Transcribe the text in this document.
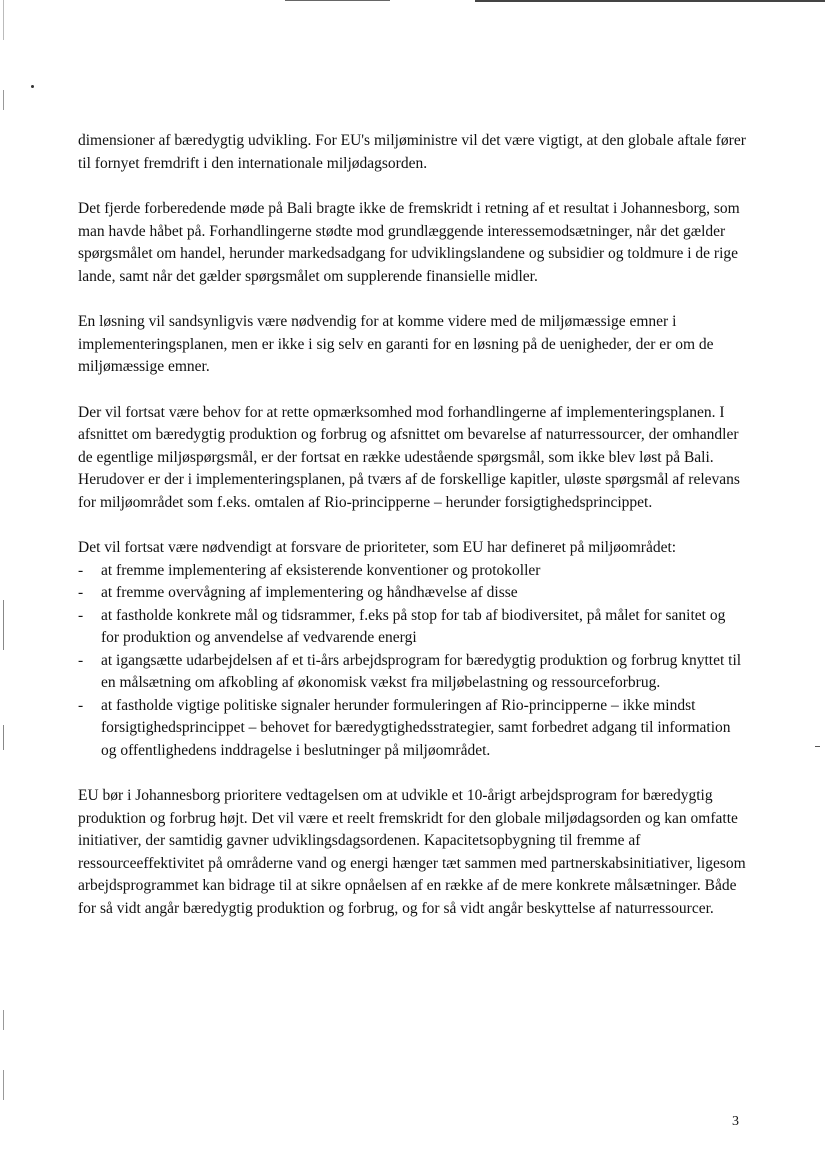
dimensioner af bæredygtig udvikling. For EU's miljøministre vil det være vigtigt, at den globale aftale fører til fornyet fremdrift i den internationale miljødagsorden.

Det fjerde forberedende møde på Bali bragte ikke de fremskridt i retning af et resultat i Johannesborg, som man havde håbet på. Forhandlingerne stødte mod grundlæggende interessemodsætninger, når det gælder spørgsmålet om handel, herunder markedsadgang for udviklingslandene og subsidier og toldmure i de rige lande, samt når det gælder spørgsmålet om supplerende finansielle midler.

En løsning vil sandsynligvis være nødvendig for at komme videre med de miljømæssige emner i implementeringsplanen, men er ikke i sig selv en garanti for en løsning på de uenigheder, der er om de miljømæssige emner.

Der vil fortsat være behov for at rette opmærksomhed mod forhandlingerne af implementeringsplanen. I afsnittet om bæredygtig produktion og forbrug og afsnittet om bevarelse af naturressourcer, der omhandler de egentlige miljøspørgsmål, er der fortsat en række udestående spørgsmål, som ikke blev løst på Bali. Herudover er der i implementeringsplanen, på tværs af de forskellige kapitler, uløste spørgsmål af relevans for miljøområdet som f.eks. omtalen af Rio-principperne – herunder forsigtighedsprincippet.

Det vil fortsat være nødvendigt at forsvare de prioriteter, som EU har defineret på miljøområdet:

- at fremme implementering af eksisterende konventioner og protokoller
- at fremme overvågning af implementering og håndhævelse af disse
- at fastholde konkrete mål og tidsrammer, f.eks på stop for tab af biodiversitet, på målet for sanitet og for produktion og anvendelse af vedvarende energi
- at igangsætte udarbejdelsen af et ti-års arbejdsprogram for bæredygtig produktion og forbrug knyttet til en målsætning om afkobling af økonomisk vækst fra miljøbelastning og ressourceforbrug.
- at fastholde vigtige politiske signaler herunder formuleringen af Rio-principperne – ikke mindst forsigtighedsprincippet – behovet for bæredygtighedsstrategier, samt forbedret adgang til information og offentlighedens inddragelse i beslutninger på miljøområdet.

EU bør i Johannesborg prioritere vedtagelsen om at udvikle et 10-årigt arbejdsprogram for bæredygtig produktion og forbrug højt. Det vil være et reelt fremskridt for den globale miljødagsorden og kan omfatte initiativer, der samtidig gavner udviklingsdagsordenen. Kapacitetsopbygning til fremme af ressourceeffektivitet på områderne vand og energi hænger tæt sammen med partnerskabsinitiativer, ligesom arbejdsprogrammet kan bidrage til at sikre opnåelsen af en række af de mere konkrete målsætninger. Både for så vidt angår bæredygtig produktion og forbrug, og for så vidt angår beskyttelse af naturressourcer.

3
